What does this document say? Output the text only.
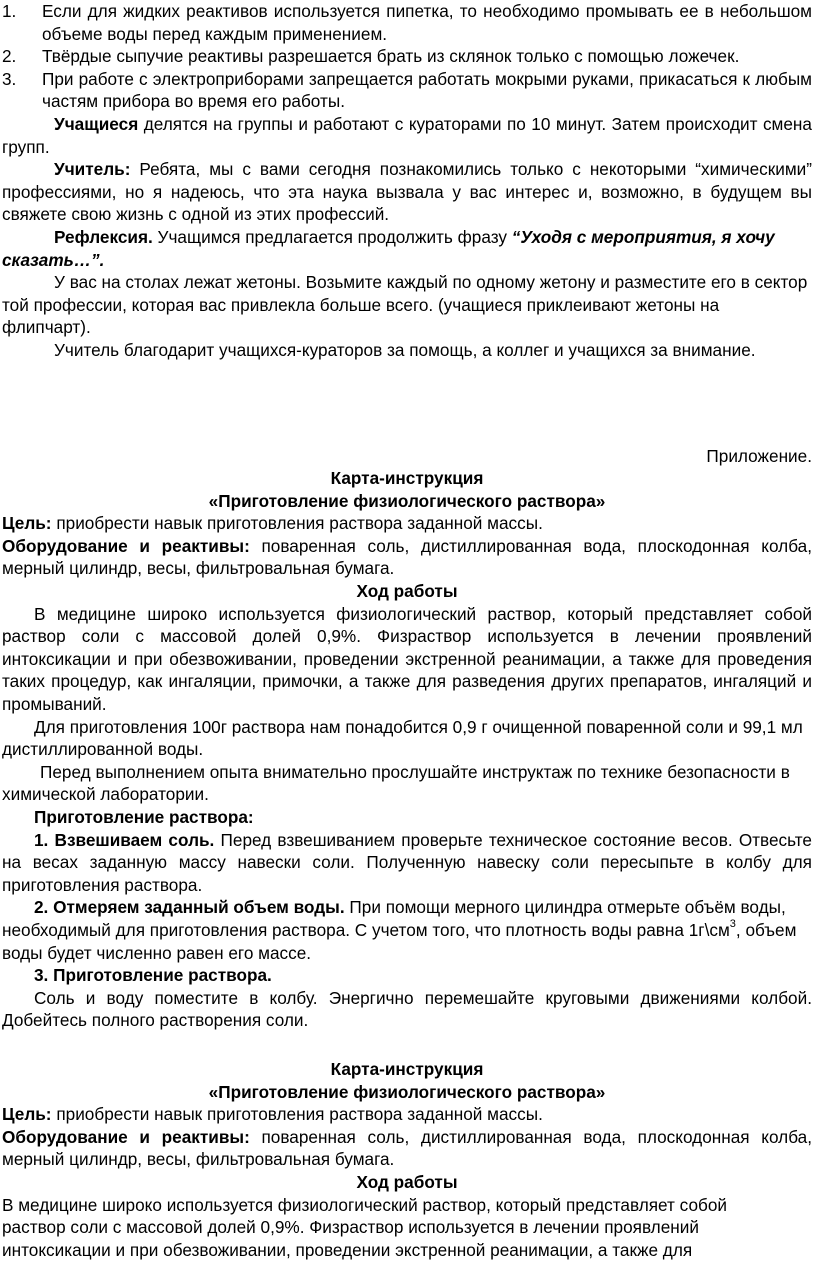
1. Если для жидких реактивов используется пипетка, то необходимо промывать ее в небольшом объеме воды перед каждым применением.
2. Твёрдые сыпучие реактивы разрешается брать из склянок только с помощью ложечек.
3. При работе с электроприборами запрещается работать мокрыми руками, прикасаться к любым частям прибора во время его работы.

Учащиеся делятся на группы и работают с кураторами по 10 минут. Затем происходит смена групп.

Учитель: Ребята, мы с вами сегодня познакомились только с некоторыми “химическими” профессиями, но я надеюсь, что эта наука вызвала у вас интерес и, возможно, в будущем вы свяжете свою жизнь с одной из этих профессий.

Рефлексия. Учащимся предлагается продолжить фразу “Уходя с мероприятия, я хочу сказать…”.

У вас на столах лежат жетоны. Возьмите каждый по одному жетону и разместите его в сектор той профессии, которая вас привлекла больше всего. (учащиеся приклеивают жетоны на флипчарт).

Учитель благодарит учащихся-кураторов за помощь, а коллег и учащихся за внимание.

Приложение.

Карта-инструкция

«Приготовление физиологического раствора»

Цель: приобрести навык приготовления раствора заданной массы.

Оборудование и реактивы: поваренная соль, дистиллированная вода, плоскодонная колба, мерный цилиндр, весы, фильтровальная бумага.

Ход работы

В медицине широко используется физиологический раствор, который представляет собой раствор соли с массовой долей 0,9%. Физраствор используется в лечении проявлений интоксикации и при обезвоживании, проведении экстренной реанимации, а также для проведения таких процедур, как ингаляции, примочки, а также для разведения других препаратов, ингаляций и промываний.

Для приготовления 100г раствора нам понадобится 0,9 г очищенной поваренной соли и 99,1 мл дистиллированной воды.

Перед выполнением опыта внимательно прослушайте инструктаж по технике безопасности в химической лаборатории.

Приготовление раствора:

1. Взвешиваем соль. Перед взвешиванием проверьте техническое состояние весов. Отвесьте на весах заданную массу навески соли. Полученную навеску соли пересыпьте в колбу для приготовления раствора.

2. Отмеряем заданный объем воды. При помощи мерного цилиндра отмерьте объём воды, необходимый для приготовления раствора. С учетом того, что плотность воды равна $1г\backslash см^3$, объем воды будет численно равен его массе.

3. Приготовление раствора.

Соль и воду поместите в колбу. Энергично перемешайте круговыми движениями колбой. Добейтесь полного растворения соли.

Карта-инструкция

«Приготовление физиологического раствора»

Цель: приобрести навык приготовления раствора заданной массы.

Оборудование и реактивы: поваренная соль, дистиллированная вода, плоскодонная колба, мерный цилиндр, весы, фильтровальная бумага.

Ход работы

В медицине широко используется физиологический раствор, который представляет собой

раствор соли с массовой долей 0,9%. Физраствор используется в лечении проявлений

интоксикации и при обезвоживании, проведении экстренной реанимации, а также для
